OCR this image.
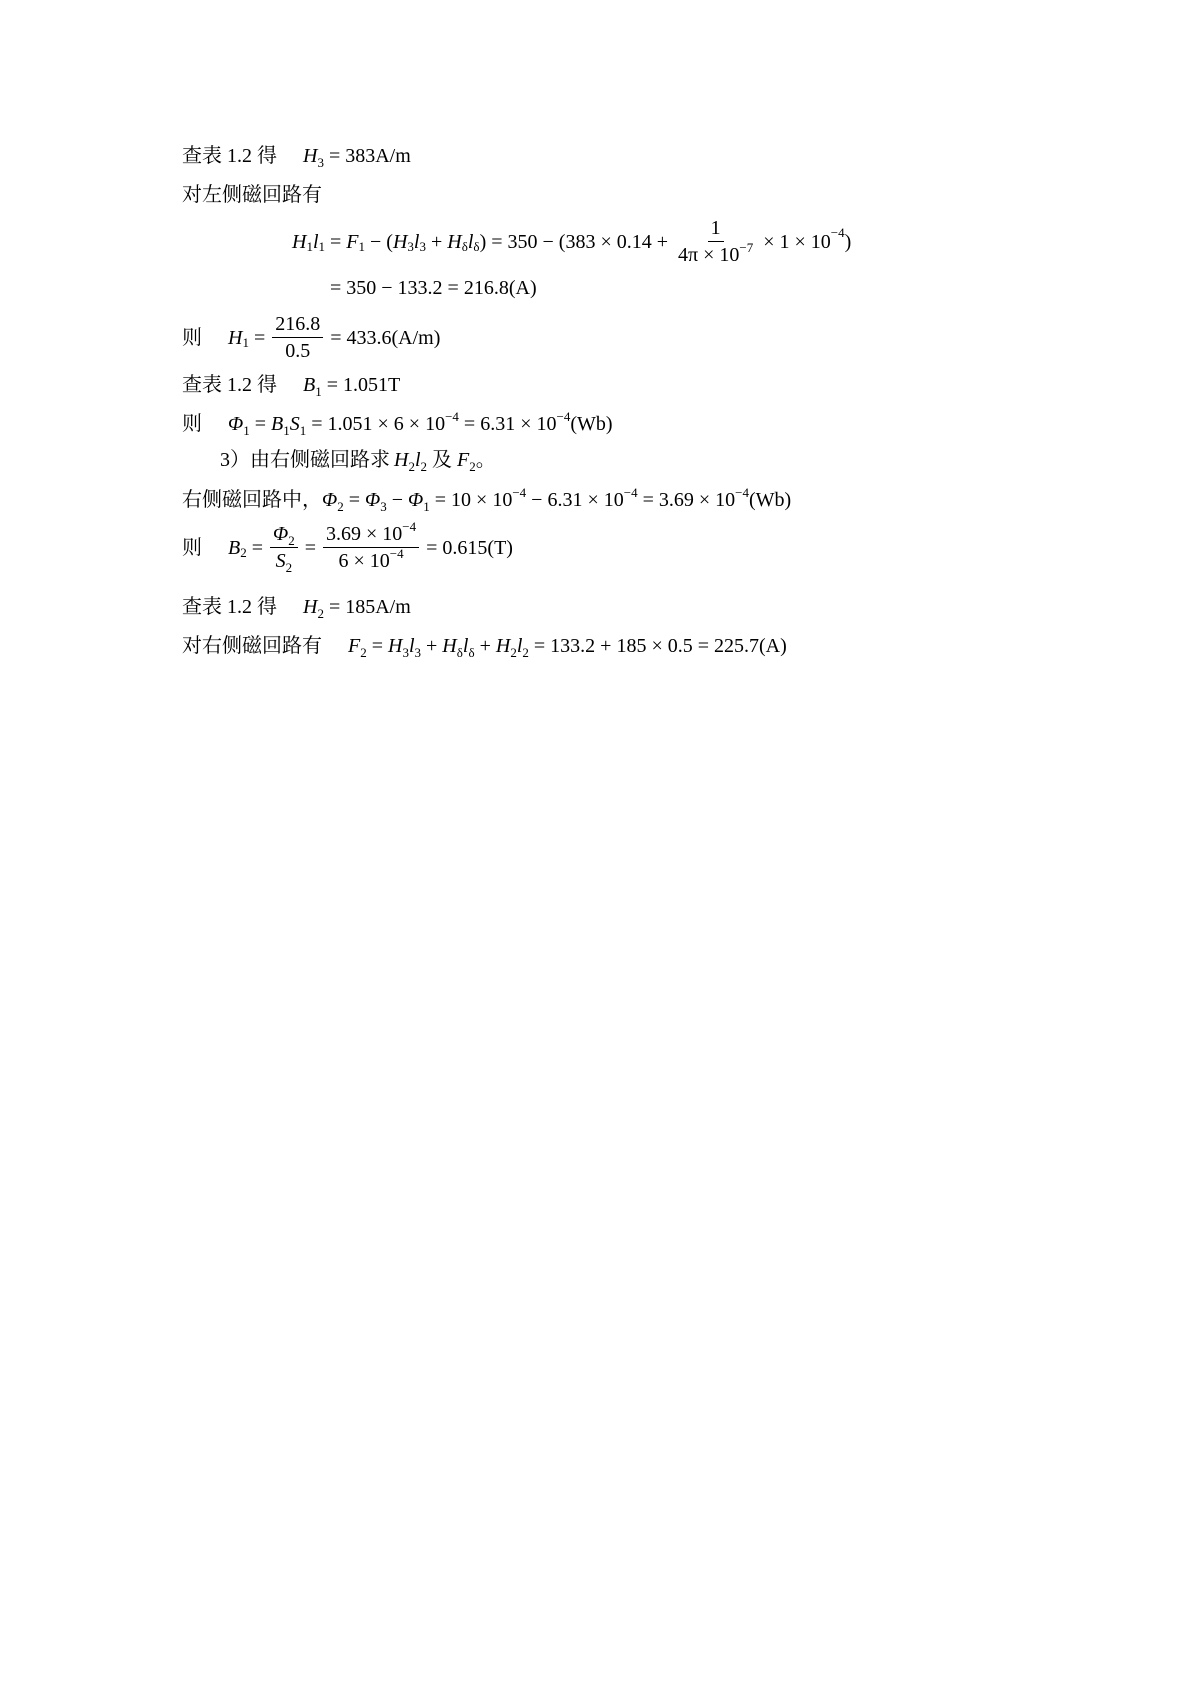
查表 1.2 得 $H_3 = 383A/m$
对左侧磁回路有
$H_1$ $l_1 = F_1$ − ( $H_3$ $l_3 + H_\delta$ $l_\delta$ ) = $350 - (383 \times 0.14 + \frac{1}{4\pi \times 10^{-7}} \times 1 \times 10^{-4}$ )
= 350 − 133.2 = 216.8(A)
则 $H_1 = \frac{216.8}{0.5} = 433.6(A/m)$
查表 1.2 得 $B_1 = 1.051T$
则 $\Phi_1 = B_1S_1 = 1.051 \times 6 \times 10^{-4} = 6.31 \times 10^{-4}(Wb)$
3）由右侧磁回路求 $H_2l_2$ 及 $F_2$。
右侧磁回路中，$\Phi_2 = \Phi_3 - \Phi_1 = 10 \times 10^{-4} - 6.31 \times 10^{-4} = 3.69 \times 10^{-4}(Wb)$
则 $B_2 = \frac{\Phi_2}{S_2} = \frac{3.69 \times 10^{-4}}{6 \times 10^{-4}} = 0.615(T)$
查表 1.2 得 $H_2 = 185A/m$
对右侧磁回路有 $F_2 = H_3l_3 + H_\delta l_\delta + H_2l_2 = 133.2 + 185 \times 0.5 = 225.7(A)$
